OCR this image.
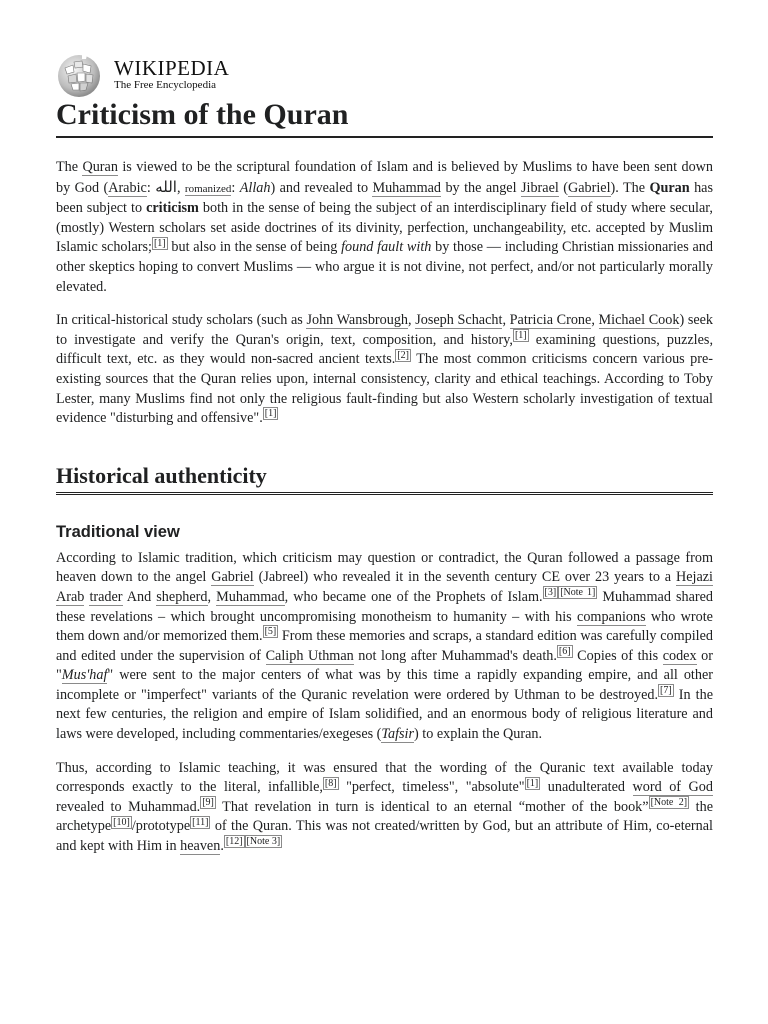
WIKIPEDIA
The Free Encyclopedia
Criticism of the Quran

The Quran is viewed to be the scriptural foundation of Islam and is believed by Muslims to have been sent down by God (Arabic: الله, romanized: Allah) and revealed to Muhammad by the angel Jibrael (Gabriel). The Quran has been subject to criticism both in the sense of being the subject of an interdisciplinary field of study where secular, (mostly) Western scholars set aside doctrines of its divinity, perfection, unchangeability, etc. accepted by Muslim Islamic scholars; [1] but also in the sense of being found fault with by those — including Christian missionaries and other skeptics hoping to convert Muslims — who argue it is not divine, not perfect, and/or not particularly morally elevated.

In critical-historical study scholars (such as John Wansbrough, Joseph Schacht, Patricia Crone, Michael Cook) seek to investigate and verify the Quran's origin, text, composition, and history, [1] examining questions, puzzles, difficult text, etc. as they would non-sacred ancient texts. [2] The most common criticisms concern various pre-existing sources that the Quran relies upon, internal consistency, clarity and ethical teachings. According to Toby Lester, many Muslims find not only the religious fault-finding but also Western scholarly investigation of textual evidence "disturbing and offensive". [1]

Historical authenticity
Traditional view

According to Islamic tradition, which criticism may question or contradict, the Quran followed a passage from heaven down to the angel Gabriel (Jabreel) who revealed it in the seventh century CE over 23 years to a Hejazi Arab trader And shepherd, Muhammad, who became one of the Prophets of Islam. [3] [Note 1] Muhammad shared these revelations – which brought uncompromising monotheism to humanity – with his companions who wrote them down and/or memorized them. [5] From these memories and scraps, a standard edition was carefully compiled and edited under the supervision of Caliph Uthman not long after Muhammad's death. [6] Copies of this codex or "Mus'haf" were sent to the major centers of what was by this time a rapidly expanding empire, and all other incomplete or "imperfect" variants of the Quranic revelation were ordered by Uthman to be destroyed. [7] In the next few centuries, the religion and empire of Islam solidified, and an enormous body of religious literature and laws were developed, including commentaries/exegeses (Tafsir) to explain the Quran.

Thus, according to Islamic teaching, it was ensured that the wording of the Quranic text available today corresponds exactly to the literal, infallible, [8] "perfect, timeless", "absolute" [1] unadulterated word of God revealed to Muhammad. [9] That revelation in turn is identical to an eternal “mother of the book” [Note 2] the archetype [10] /prototype [11] of the Quran. This was not created/written by God, but an attribute of Him, co-eternal and kept with Him in heaven. [12] [Note 3]
